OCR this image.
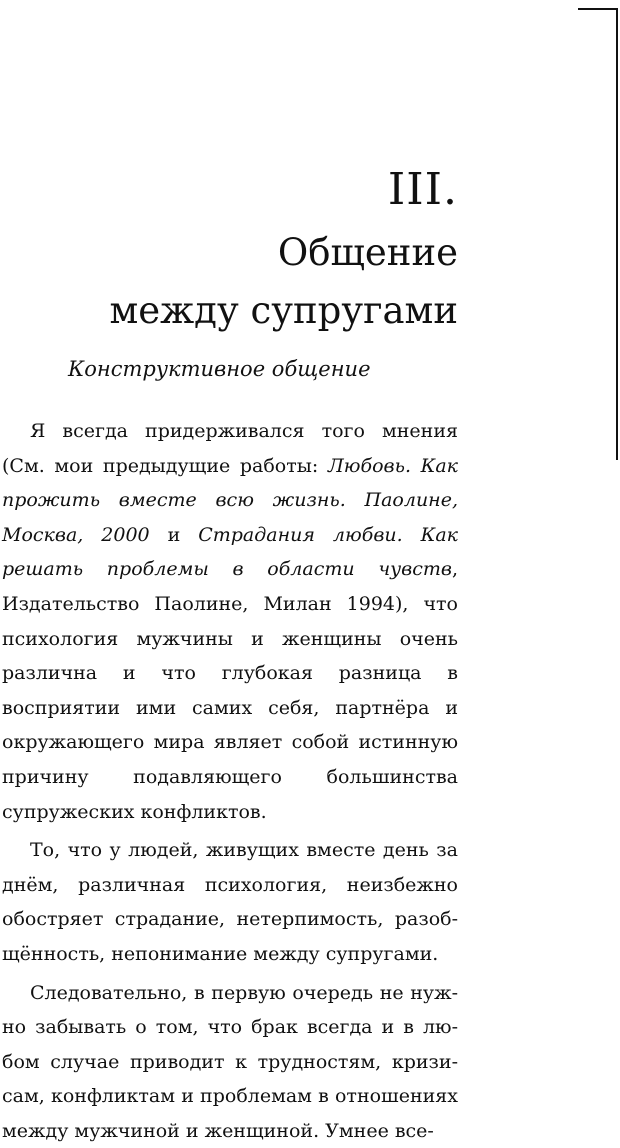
III.
Общение
между супругами
Конструктивное общение

Я всегда придерживался того мнения (См. мои предыдущие работы: Любовь. Как прожить вместе всю жизнь. Паолине, Москва, 2000 и Страдания любви. Как решать проблемы в области чувств, Издательство Паолине, Милан 1994), что психология мужчины и женщины очень различна и что глубокая разница в восприятии ими самих себя, партнёра и окружающего мира являет собой истинную причину подавляющего большинства супружеских конфликтов.

То, что у людей, живущих вместе день за днём, различная психология, неизбежно обостряет страдание, нетерпимость, разобщённость, непонимание между супругами.

Следовательно, в первую очередь не нужно забывать о том, что брак всегда и в любом случае приводит к трудностям, кризисам, конфликтам и проблемам в отношениях между мужчиной и женщиной. Умнее все-
